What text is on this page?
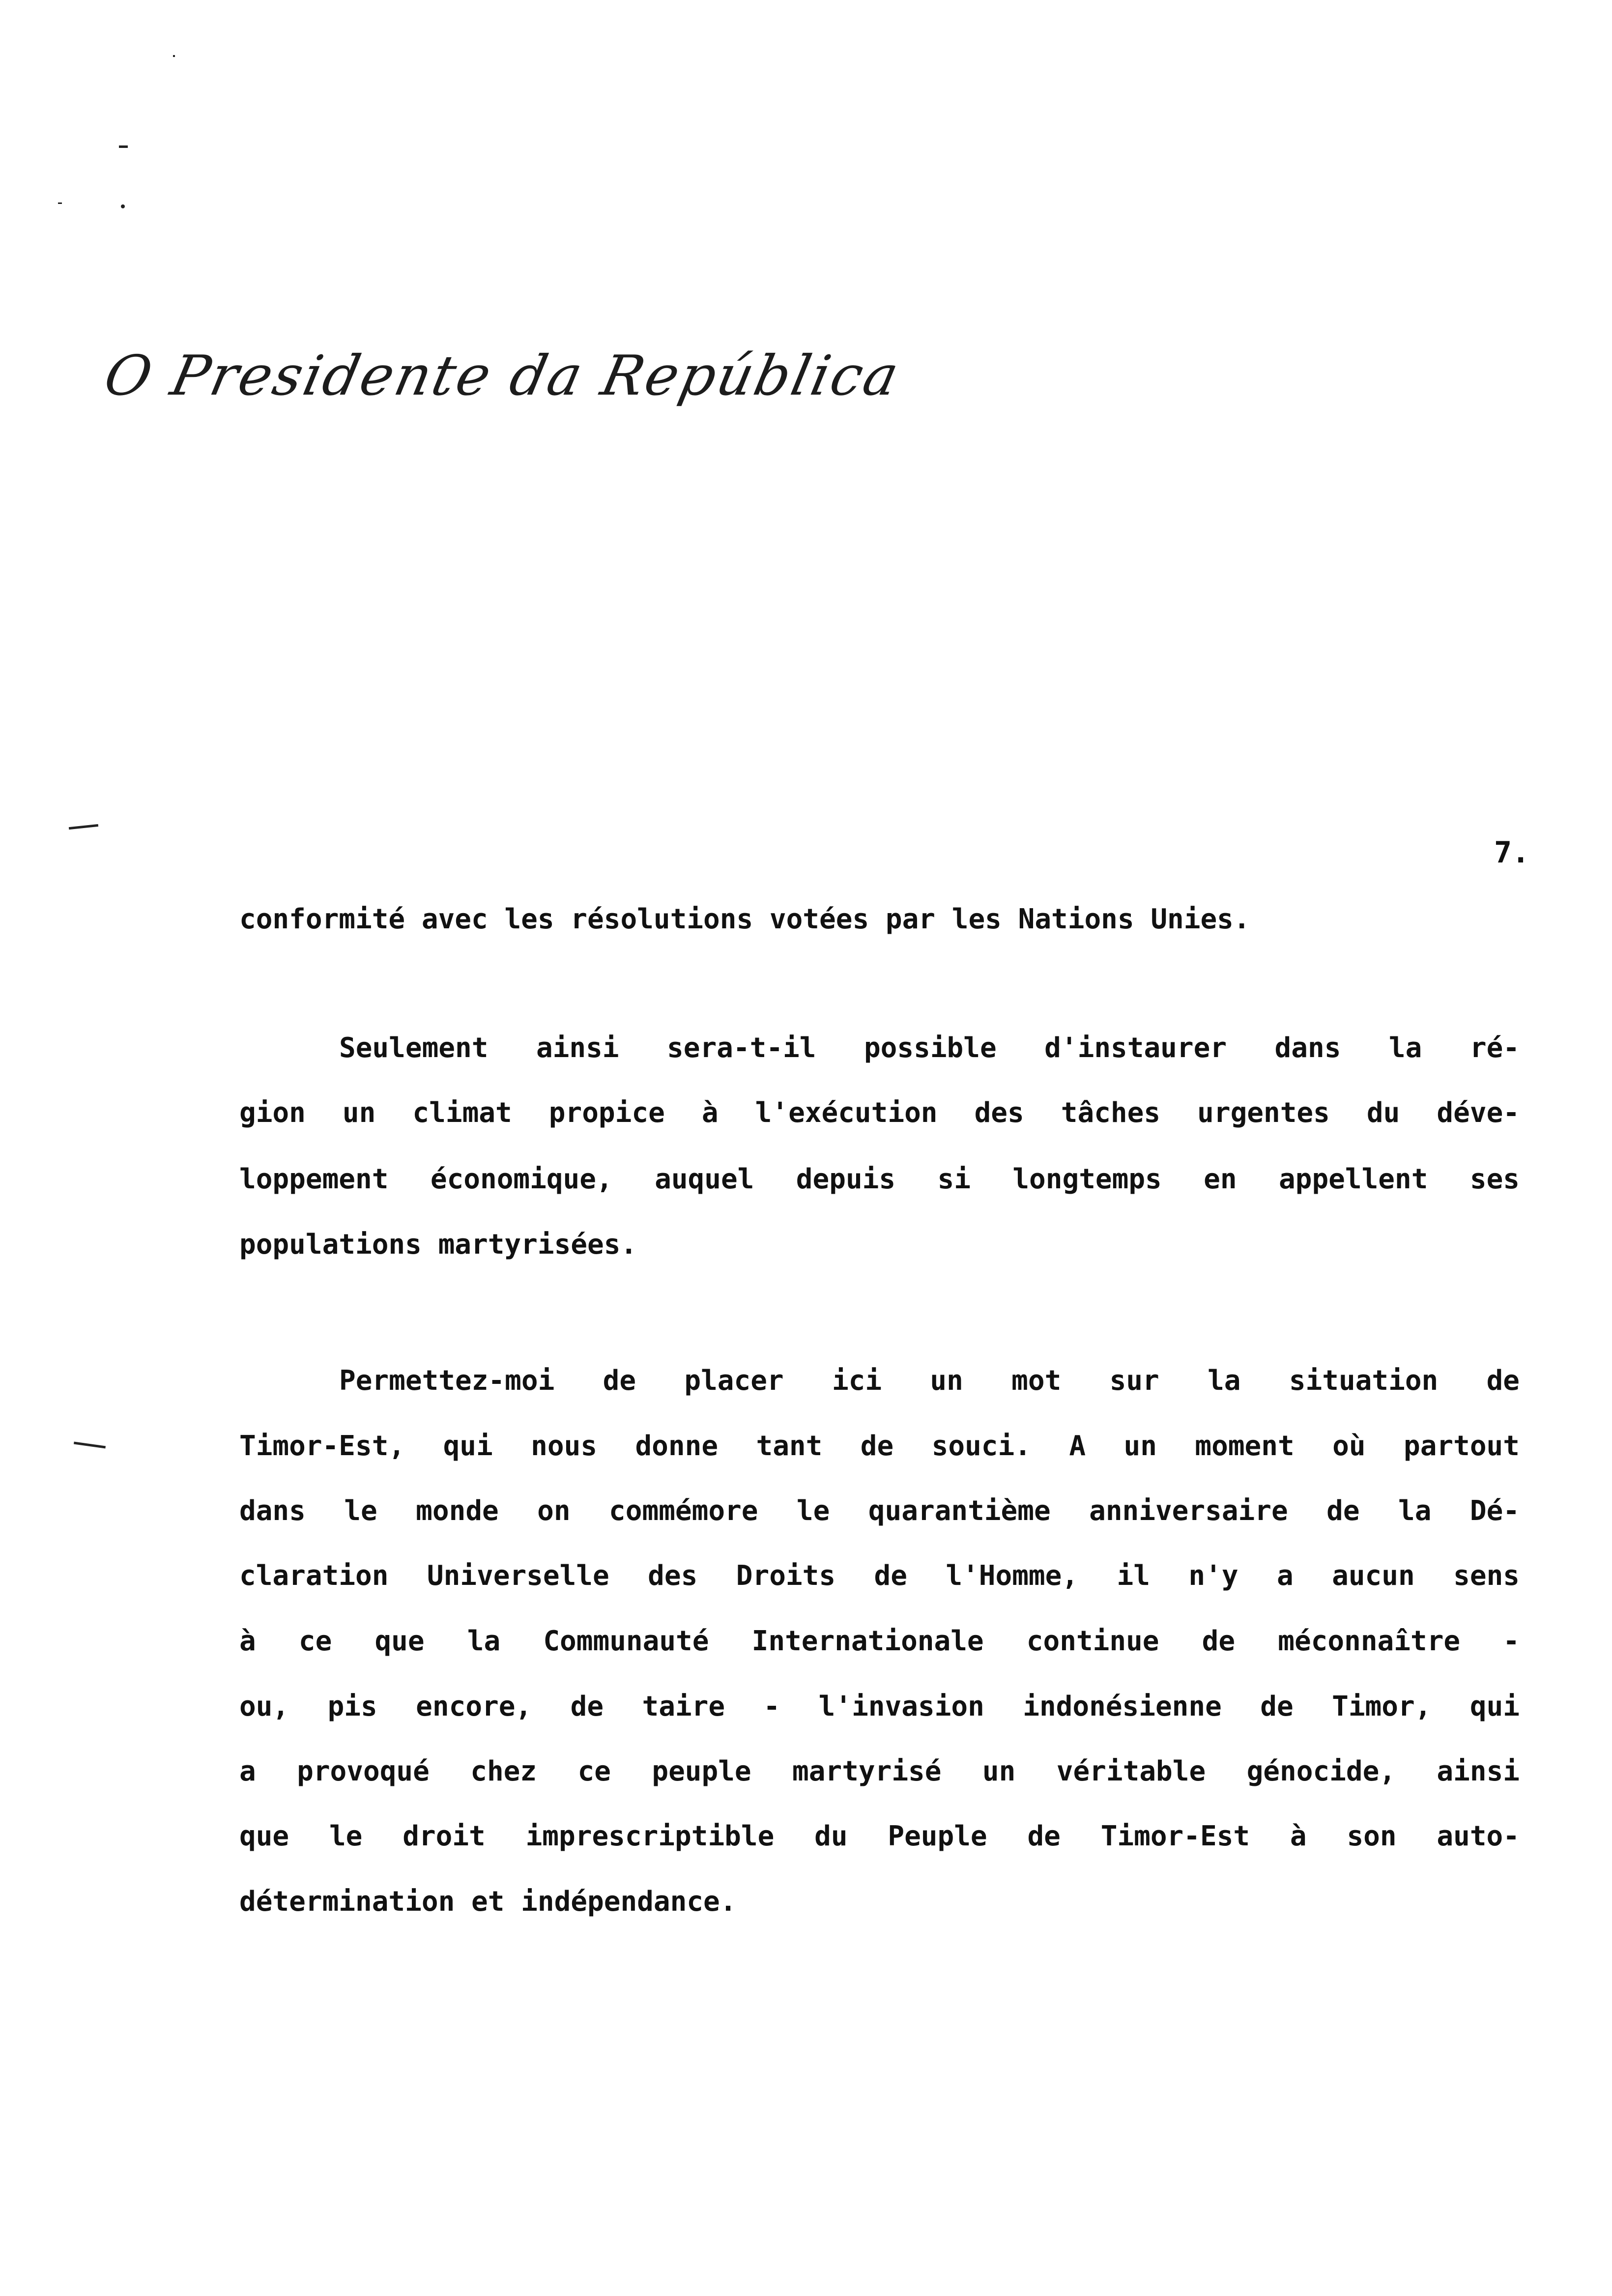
O Presidente da República
7.
conformité avec les résolutions votées par les Nations Unies.
Seulement ainsi sera-t-il possible d'instaurer dans la ré-
gion un climat propice à l'exécution des tâches urgentes du déve-
loppement économique, auquel depuis si longtemps en appellent ses
populations martyrisées.
Permettez-moi de placer ici un mot sur la situation de
Timor-Est, qui nous donne tant de souci. A un moment où partout
dans le monde on commémore le quarantième anniversaire de la Dé-
claration Universelle des Droits de l'Homme, il n'y a aucun sens
à ce que la Communauté Internationale continue de méconnaître -
ou, pis encore, de taire - l'invasion indonésienne de Timor, qui
a provoqué chez ce peuple martyrisé un véritable génocide, ainsi
que le droit imprescriptible du Peuple de Timor-Est à son auto-
détermination et indépendance.
